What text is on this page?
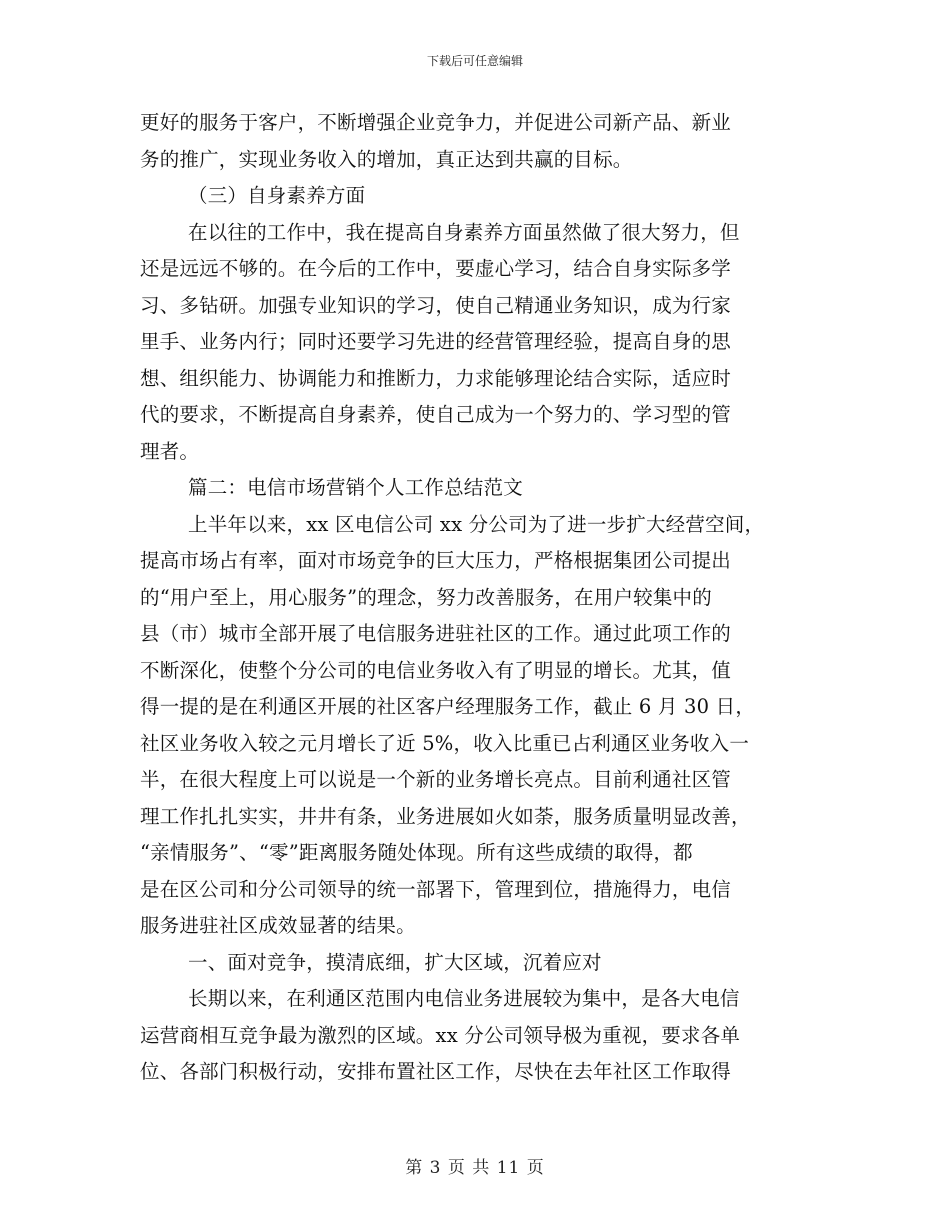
下载后可任意编辑
更好的服务于客户，不断增强企业竞争力，并促进公司新产品、新业
务的推广，实现业务收入的增加，真正达到共赢的目标。
（三）自身素养方面
在以往的工作中，我在提高自身素养方面虽然做了很大努力，但
还是远远不够的。在今后的工作中，要虚心学习，结合自身实际多学
习、多钻研。加强专业知识的学习，使自己精通业务知识，成为行家
里手、业务内行；同时还要学习先进的经营管理经验，提高自身的思
想、组织能力、协调能力和推断力，力求能够理论结合实际，适应时
代的要求，不断提高自身素养，使自己成为一个努力的、学习型的管
理者。
篇二：电信市场营销个人工作总结范文
上半年以来，xx 区电信公司 xx 分公司为了进一步扩大经营空间，
提高市场占有率，面对市场竞争的巨大压力，严格根据集团公司提出
的“用户至上，用心服务”的理念，努力改善服务，在用户较集中的
县（市）城市全部开展了电信服务进驻社区的工作。通过此项工作的
不断深化，使整个分公司的电信业务收入有了明显的增长。尤其，值
得一提的是在利通区开展的社区客户经理服务工作，截止 6 月 30 日，
社区业务收入较之元月增长了近 5%，收入比重已占利通区业务收入一
半，在很大程度上可以说是一个新的业务增长亮点。目前利通社区管
理工作扎扎实实，井井有条，业务进展如火如荼，服务质量明显改善，
“亲情服务”、“零”距离服务随处体现。所有这些成绩的取得，都
是在区公司和分公司领导的统一部署下，管理到位，措施得力，电信
服务进驻社区成效显著的结果。
一、面对竞争，摸清底细，扩大区域，沉着应对
长期以来，在利通区范围内电信业务进展较为集中，是各大电信
运营商相互竞争最为激烈的区域。xx 分公司领导极为重视，要求各单
位、各部门积极行动，安排布置社区工作，尽快在去年社区工作取得
第 3 页 共 11 页
